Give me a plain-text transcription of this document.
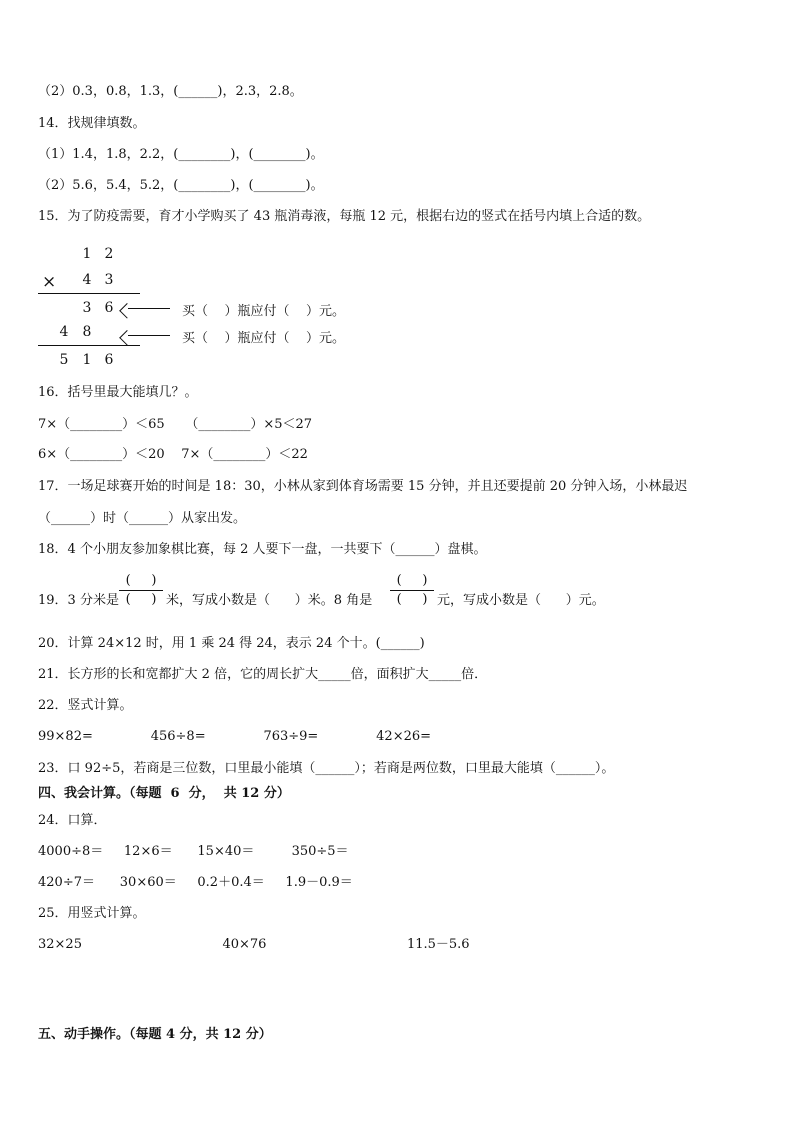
（2）0.3，0.8，1.3，(______)，2.3，2.8。
14．找规律填数。
（1）1.4，1.8，2.2，(________)，(________)。
（2）5.6，5.4，5.2，(________)，(________)。
15．为了防疫需要，育才小学购买了 43 瓶消毒液，每瓶 12 元，根据右边的竖式在括号内填上合适的数。
1 2
× 4 3
3 6
4 8
5 1 6
买（    ）瓶应付（    ）元。
买（    ）瓶应付（    ）元。
16．括号里最大能填几？。
7×（________）＜65     （________）×5＜27
6×（________）＜20    7×（________）＜22
17．一场足球赛开始的时间是 18：30，小林从家到体育场需要 15 分钟，并且还要提前 20 分钟入场，小林最迟
（______）时（______）从家出发。
18．4 个小朋友参加象棋比赛，每 2 人要下一盘，一共要下（______）盘棋。
19．3 分米是
(     )
(     ) 米，写成小数是（      ）米。8 角是
(     )
(     ) 元，写成小数是（      ）元。
20．计算 24×12 时，用 1 乘 24 得 24，表示 24 个十。(______)
21．长方形的长和宽都扩大 2 倍，它的周长扩大_____倍，面积扩大_____倍．
22．竖式计算。
99×82=              456÷8=              763÷9=              42×26=
23．口 92÷5，若商是三位数，口里最小能填（______）；若商是两位数，口里最大能填（______）。
四、我会计算。（每题  6  分，  共 12 分）
24．口算．
4000÷8＝     12×6＝      15×40＝         350÷5＝
420÷7＝      30×60＝     0.2＋0.4＝     1.9－0.9＝
25．用竖式计算。
32×25                                  40×76                                  11.5－5.6
五、动手操作。（每题 4 分，共 12 分）
